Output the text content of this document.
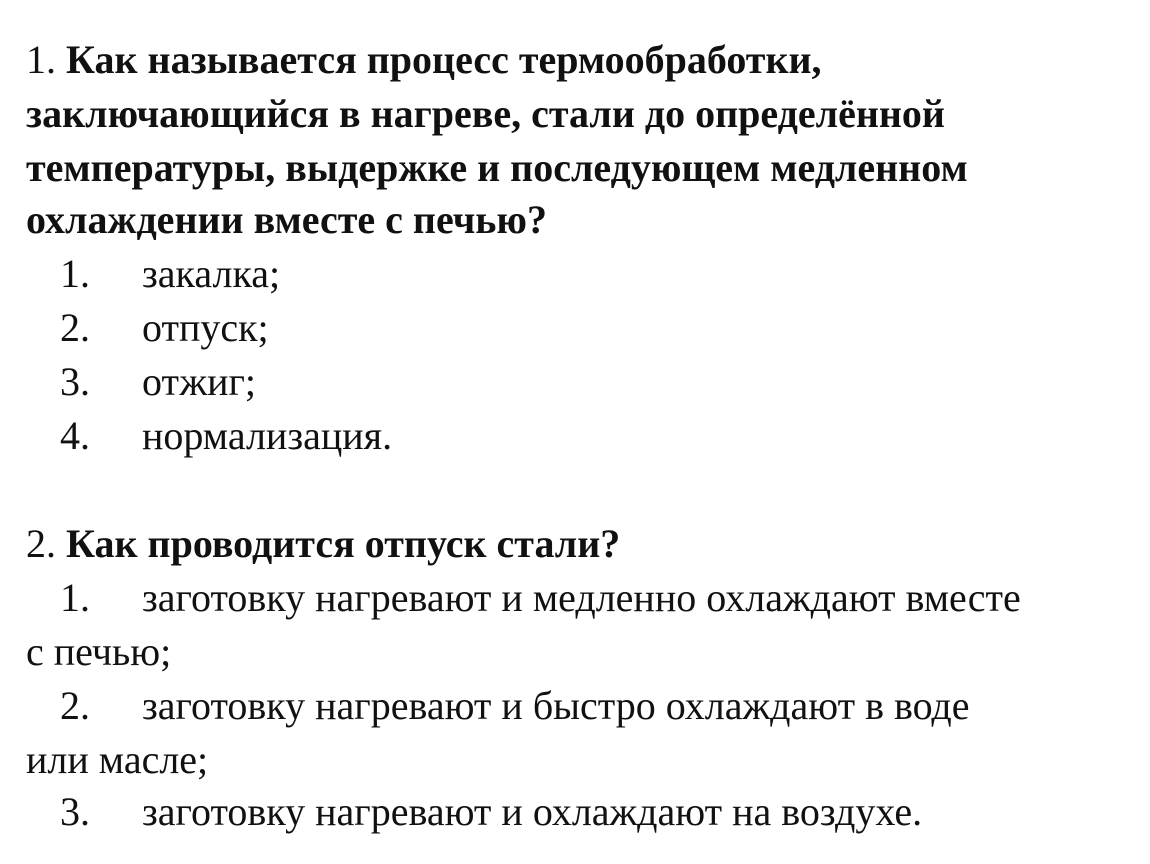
1. Как называется процесс термообработки,
заключающийся в нагреве, стали до определённой
температуры, выдержке и последующем медленном
охлаждении вместе с печью?
1. закалка;
2. отпуск;
3. отжиг;
4. нормализация.
2. Как проводится отпуск стали?
1. заготовку нагревают и медленно охлаждают вместе
с печью;
2. заготовку нагревают и быстро охлаждают в воде
или масле;
3. заготовку нагревают и охлаждают на воздухе.
